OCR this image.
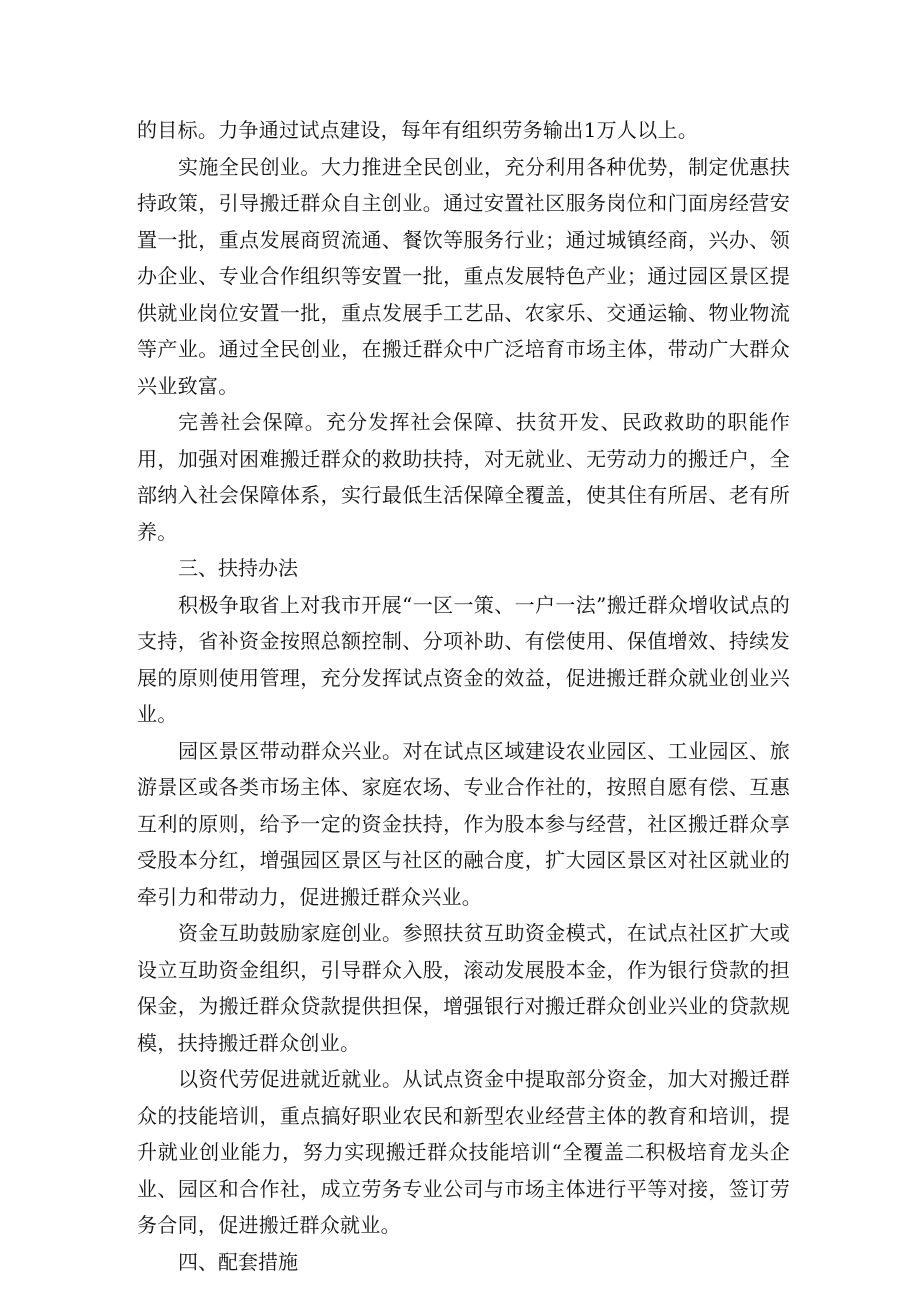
的目标。力争通过试点建设，每年有组织劳务输出1万人以上。

实施全民创业。大力推进全民创业，充分利用各种优势，制定优惠扶持政策，引导搬迁群众自主创业。通过安置社区服务岗位和门面房经营安置一批，重点发展商贸流通、餐饮等服务行业；通过城镇经商，兴办、领办企业、专业合作组织等安置一批，重点发展特色产业；通过园区景区提供就业岗位安置一批，重点发展手工艺品、农家乐、交通运输、物业物流等产业。通过全民创业，在搬迁群众中广泛培育市场主体，带动广大群众兴业致富。

完善社会保障。充分发挥社会保障、扶贫开发、民政救助的职能作用，加强对困难搬迁群众的救助扶持，对无就业、无劳动力的搬迁户，全部纳入社会保障体系，实行最低生活保障全覆盖，使其住有所居、老有所养。

三、扶持办法

积极争取省上对我市开展“一区一策、一户一法”搬迁群众增收试点的支持，省补资金按照总额控制、分项补助、有偿使用、保值增效、持续发展的原则使用管理，充分发挥试点资金的效益，促进搬迁群众就业创业兴业。

园区景区带动群众兴业。对在试点区域建设农业园区、工业园区、旅游景区或各类市场主体、家庭农场、专业合作社的，按照自愿有偿、互惠互利的原则，给予一定的资金扶持，作为股本参与经营，社区搬迁群众享受股本分红，增强园区景区与社区的融合度，扩大园区景区对社区就业的牵引力和带动力，促进搬迁群众兴业。

资金互助鼓励家庭创业。参照扶贫互助资金模式，在试点社区扩大或设立互助资金组织，引导群众入股，滚动发展股本金，作为银行贷款的担保金，为搬迁群众贷款提供担保，增强银行对搬迁群众创业兴业的贷款规模，扶持搬迁群众创业。

以资代劳促进就近就业。从试点资金中提取部分资金，加大对搬迁群众的技能培训，重点搞好职业农民和新型农业经营主体的教育和培训，提升就业创业能力，努力实现搬迁群众技能培训“全覆盖二积极培育龙头企业、园区和合作社，成立劳务专业公司与市场主体进行平等对接，签订劳务合同，促进搬迁群众就业。

四、配套措施
